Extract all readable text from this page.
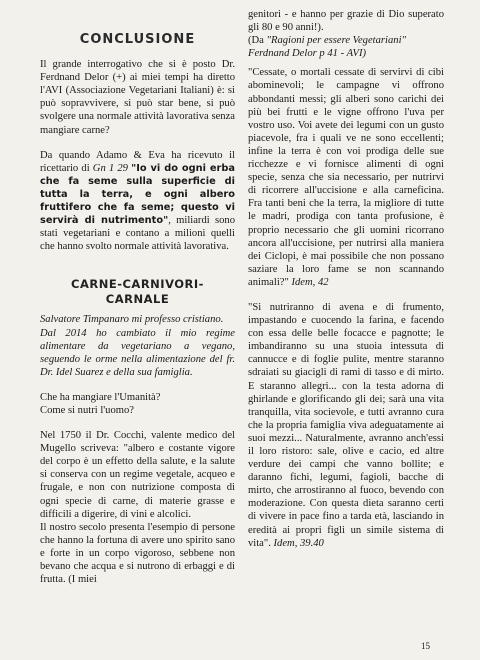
CONCLUSIONE

Il grande interrogativo che si è posto Dr. Ferdnand Delor (+) ai miei tempi ha diretto l'AVI (Associazione Vegetariani Italiani) è: si può sopravvivere, si può star bene, si può svolgere una normale attività lavorativa senza mangiare carne?

Da quando Adamo & Eva ha ricevuto il ricettario di Gn 1 29 "Io vi do ogni erba che fa seme sulla superficie di tutta la terra, e ogni albero fruttifero che fa seme; questo vi servirà di nutrimento", miliardi sono stati vegetariani e contano a milioni quelli che hanno svolto normale attività lavorativa.

CARNE-CARNIVORI-
CARNALE

Salvatore Timpanaro mi professo cristiano.

Dal 2014 ho cambiato il mio regime alimentare da vegetariano a vegano, seguendo le orme nella alimentazione del fr. Dr. Idel Suarez e della sua famiglia.

Che ha mangiare l'Umanità?

Come si nutri l'uomo?

Nel 1750 il Dr. Cocchi, valente medico del Mugello scriveva: "albero e costante vigore del corpo è un effetto della salute, e la salute si conserva con un regime vegetale, acqueo e frugale, e non con nutrizione composta di ogni specie di carne, di materie grasse e difficili a digerire, di vini e alcolici.

Il nostro secolo presenta l'esempio di persone che hanno la fortuna di avere uno spirito sano e forte in un corpo vigoroso, sebbene non bevano che acqua e si nutrono di erbaggi e di frutta. (I miei

genitori - e hanno per grazie di Dio superato gli 80 e 90 anni!).

(Da "Ragioni per essere Vegetariani" Ferdnand Delor p 41 - AVI)

"Cessate, o mortali cessate di servirvi di cibi abominevoli; le campagne vi offrono abbondanti messi; gli alberi sono carichi dei più bei frutti e le vigne offrono l'uva per vostro uso. Voi avete dei legumi con un gusto piacevole, fra i quali ve ne sono eccellenti; infine la terra è con voi prodiga delle sue ricchezze e vi fornisce alimenti di ogni specie, senza che sia necessario, per nutrirvi di ricorrere all'uccisione e alla carneficina. Fra tanti beni che la terra, la migliore di tutte le madri, prodiga con tanta profusione, è proprio necessario che gli uomini ricorrano ancora all'uccisione, per nutrirsi alla maniera dei Ciclopi, è mai possibile che non possano saziare la loro fame se non scannando animali?" Idem, 42

"Si nutriranno di avena e di frumento, impastando e cuocendo la farina, e facendo con essa delle belle focacce e pagnotte; le imbandiranno su una stuoia intessuta di cannucce e di foglie pulite, mentre staranno sdraiati su giacigli di rami di tasso e di mirto. E staranno allegri... con la testa adorna di ghirlande e glorificando gli dei; sarà una vita tranquilla, vita socievole, e tutti avranno cura che la propria famiglia viva adeguatamente ai suoi mezzi... Naturalmente, avranno anch'essi il loro ristoro: sale, olive e cacio, ed altre verdure dei campi che vanno bollite; e daranno fichi, legumi, fagioli, bacche di mirto, che arrostiranno al fuoco, bevendo con moderazione. Con questa dieta saranno certi di vivere in pace fino a tarda età, lasciando in eredità ai propri figli un simile sistema di vita". Idem, 39.40

15
